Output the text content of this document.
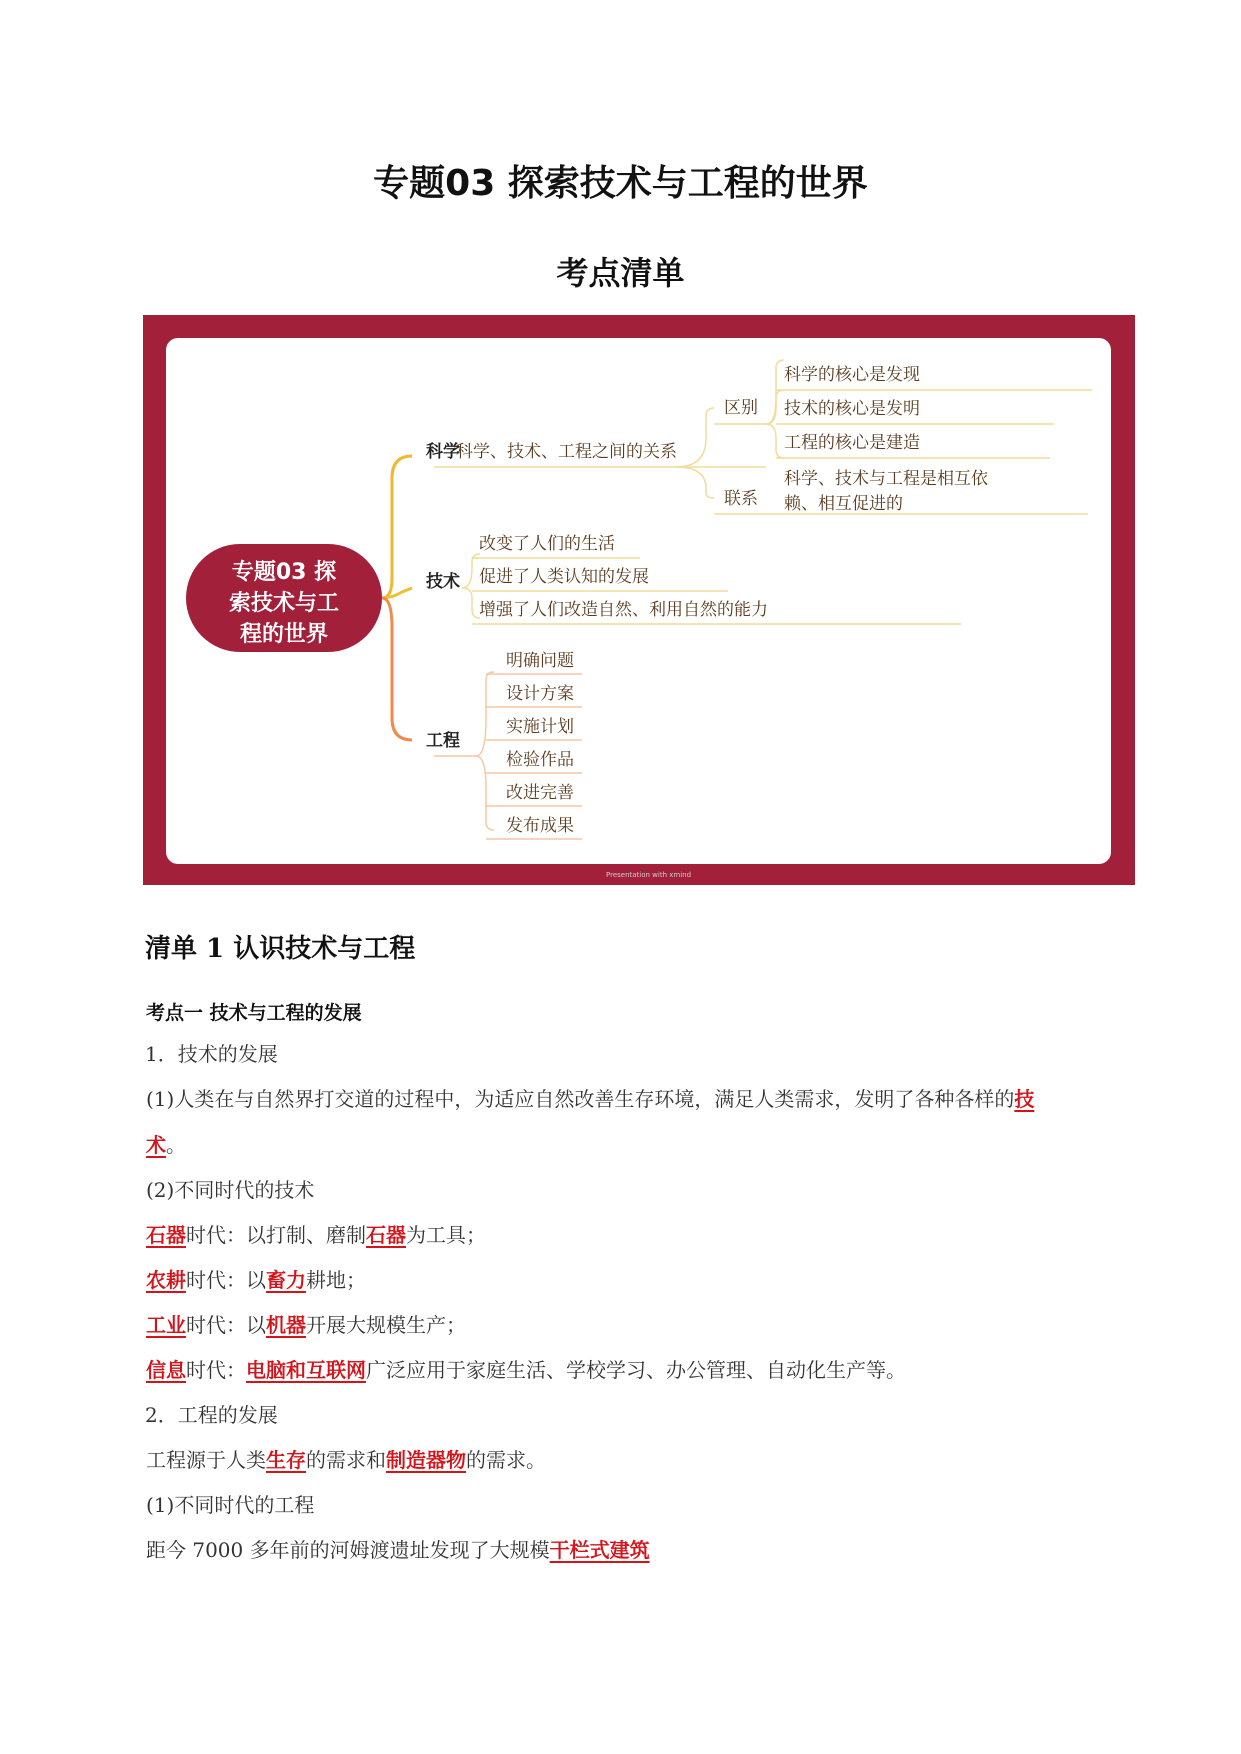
专题03 探索技术与工程的世界
考点清单
专题03 探
索技术与工
程的世界
科学
技术
工程
科学、技术、工程之间的关系
区别
联系
科学的核心是发现
技术的核心是发明
工程的核心是建造
科学、技术与工程是相互依
赖、相互促进的
改变了人们的生活
促进了人类认知的发展
增强了人们改造自然、利用自然的能力
明确问题
设计方案
实施计划
检验作品
改进完善
发布成果
Presentation with xmind
清单 1 认识技术与工程
考点一 技术与工程的发展
1．技术的发展
(1)人类在与自然界打交道的过程中，为适应自然改善生存环境，满足人类需求，发明了各种各样的技
术。
(2)不同时代的技术
石器时代：以打制、磨制石器为工具；
农耕时代：以畜力耕地；
工业时代：以机器开展大规模生产；
信息时代：电脑和互联网广泛应用于家庭生活、学校学习、办公管理、自动化生产等。
2．工程的发展
工程源于人类生存的需求和制造器物的需求。
(1)不同时代的工程
距今 7000 多年前的河姆渡遗址发现了大规模干栏式建筑
